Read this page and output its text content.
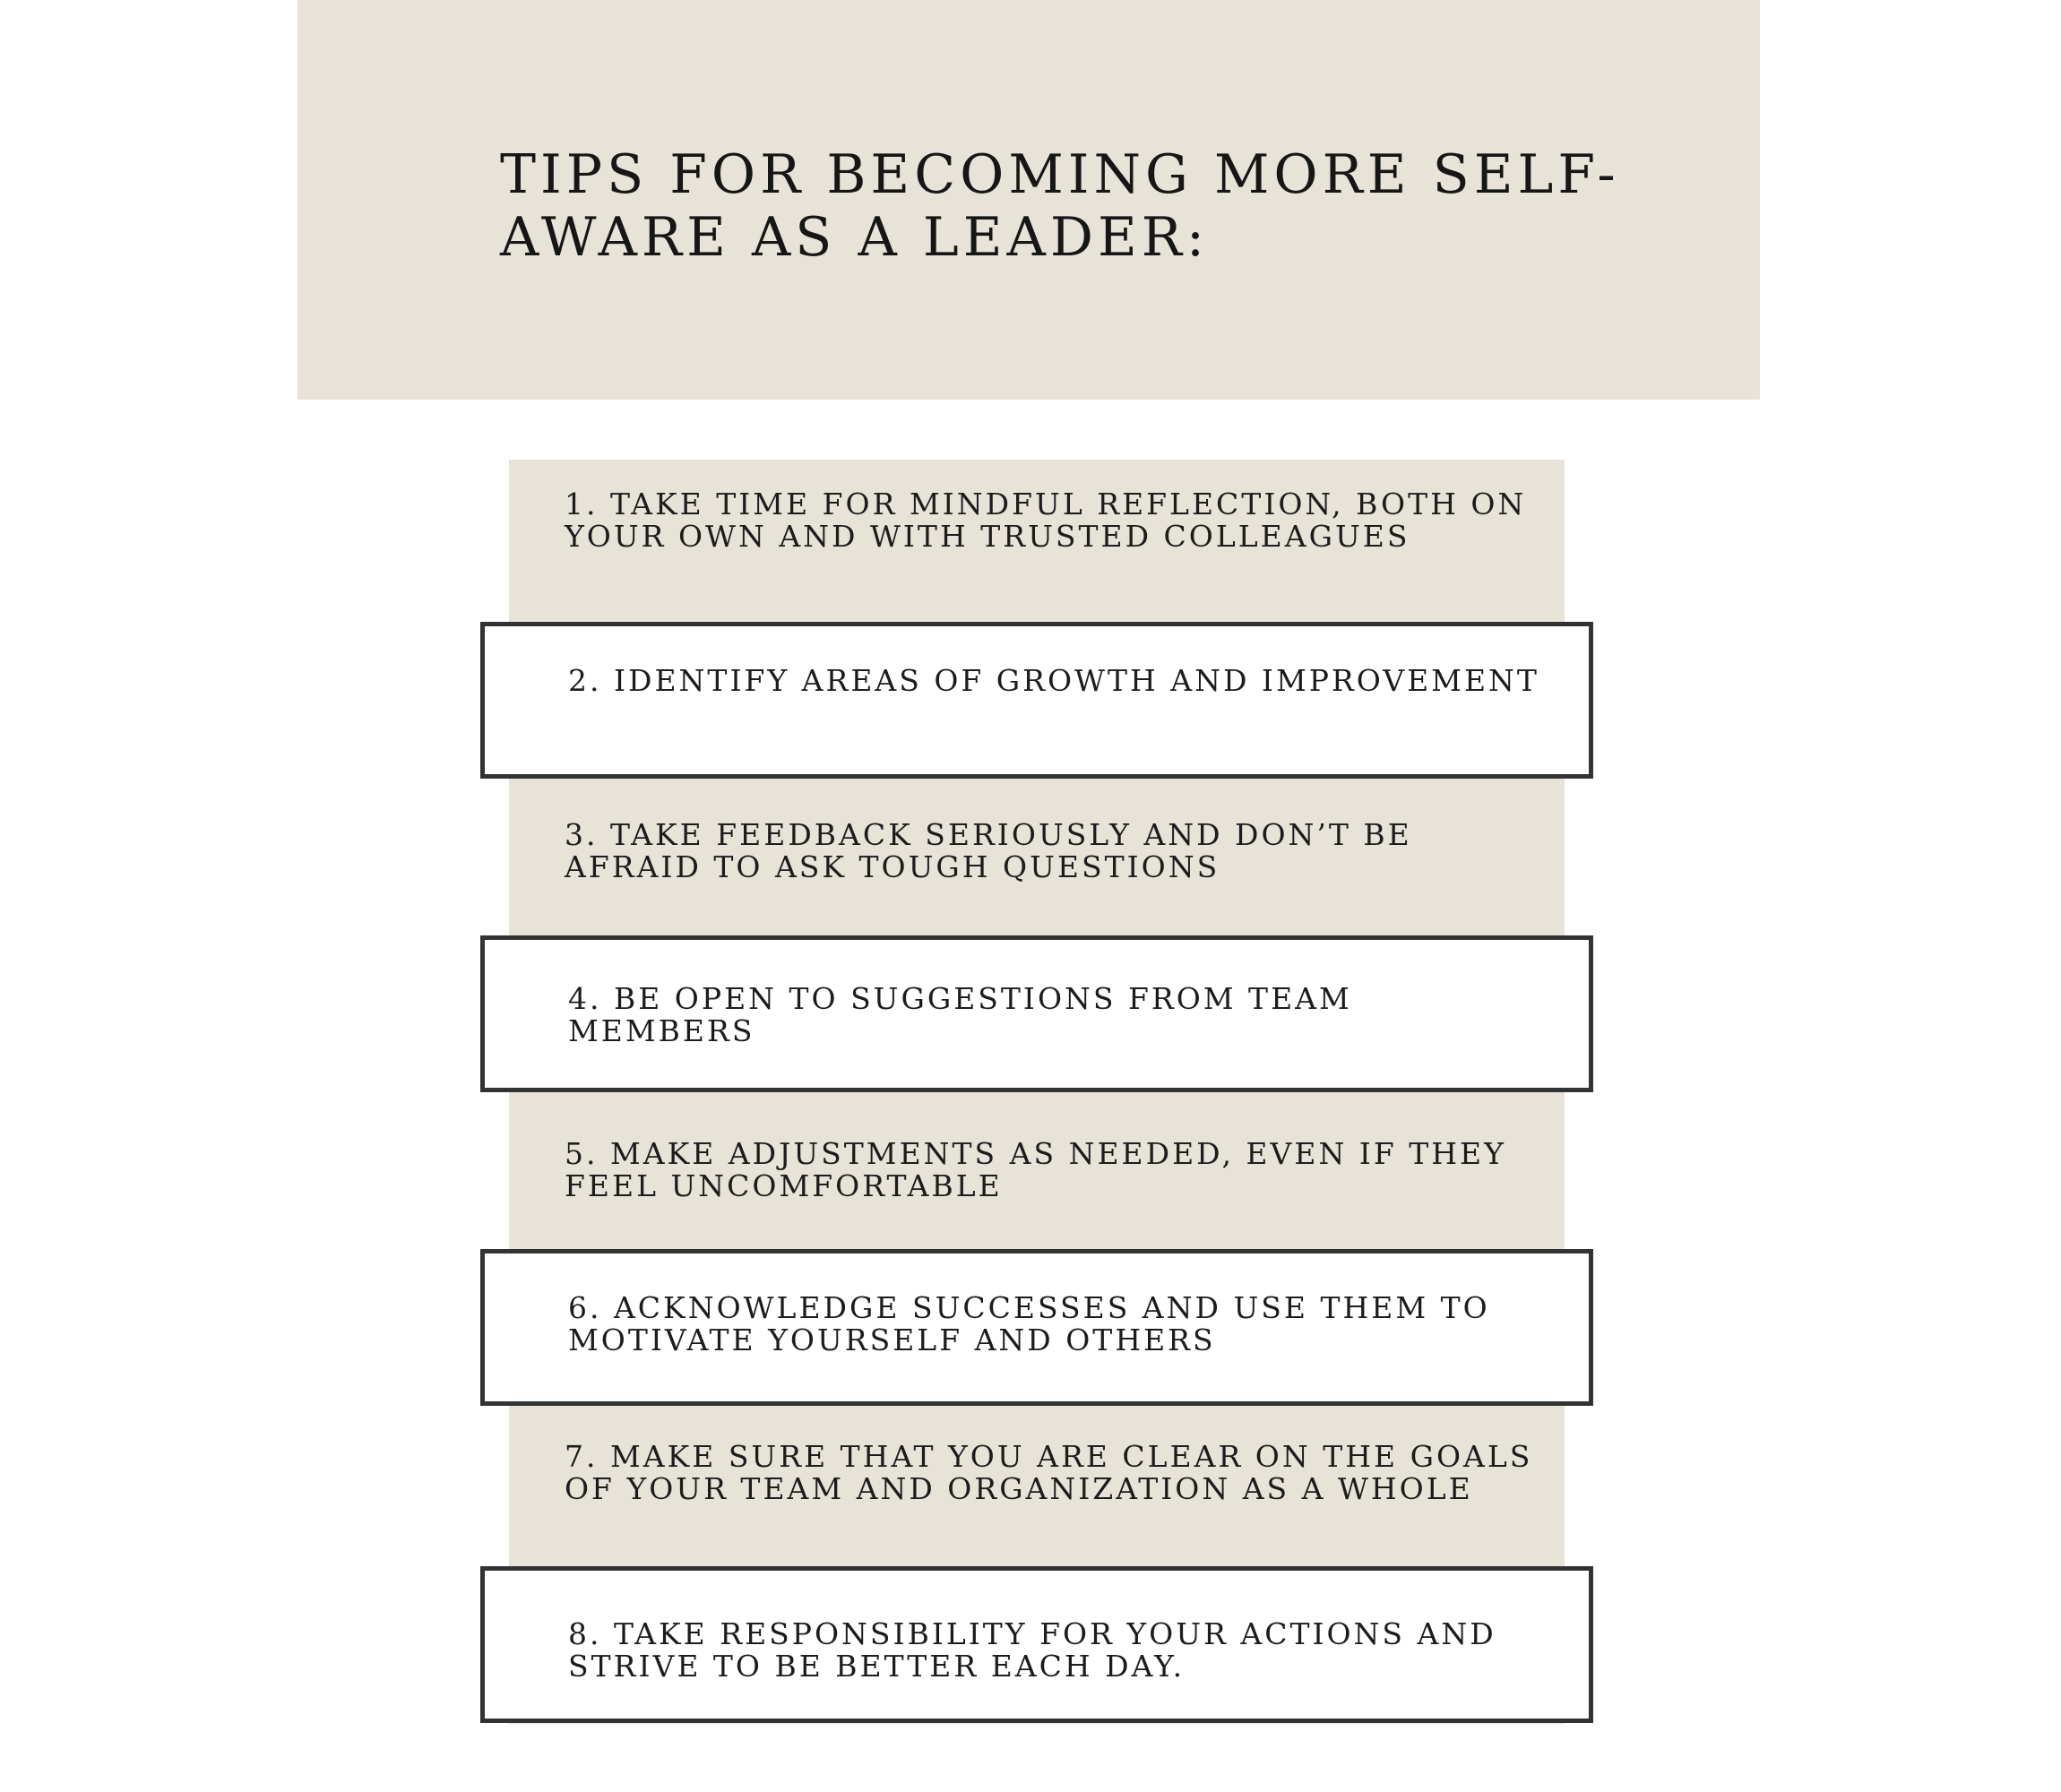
TIPS FOR BECOMING MORE SELF-AWARE AS A LEADER:
1. TAKE TIME FOR MINDFUL REFLECTION, BOTH ON YOUR OWN AND WITH TRUSTED COLLEAGUES
2. IDENTIFY AREAS OF GROWTH AND IMPROVEMENT
3. TAKE FEEDBACK SERIOUSLY AND DON’T BE AFRAID TO ASK TOUGH QUESTIONS
4. BE OPEN TO SUGGESTIONS FROM TEAM MEMBERS
5. MAKE ADJUSTMENTS AS NEEDED, EVEN IF THEY FEEL UNCOMFORTABLE
6. ACKNOWLEDGE SUCCESSES AND USE THEM TO MOTIVATE YOURSELF AND OTHERS
7. MAKE SURE THAT YOU ARE CLEAR ON THE GOALS OF YOUR TEAM AND ORGANIZATION AS A WHOLE
8. TAKE RESPONSIBILITY FOR YOUR ACTIONS AND STRIVE TO BE BETTER EACH DAY.
